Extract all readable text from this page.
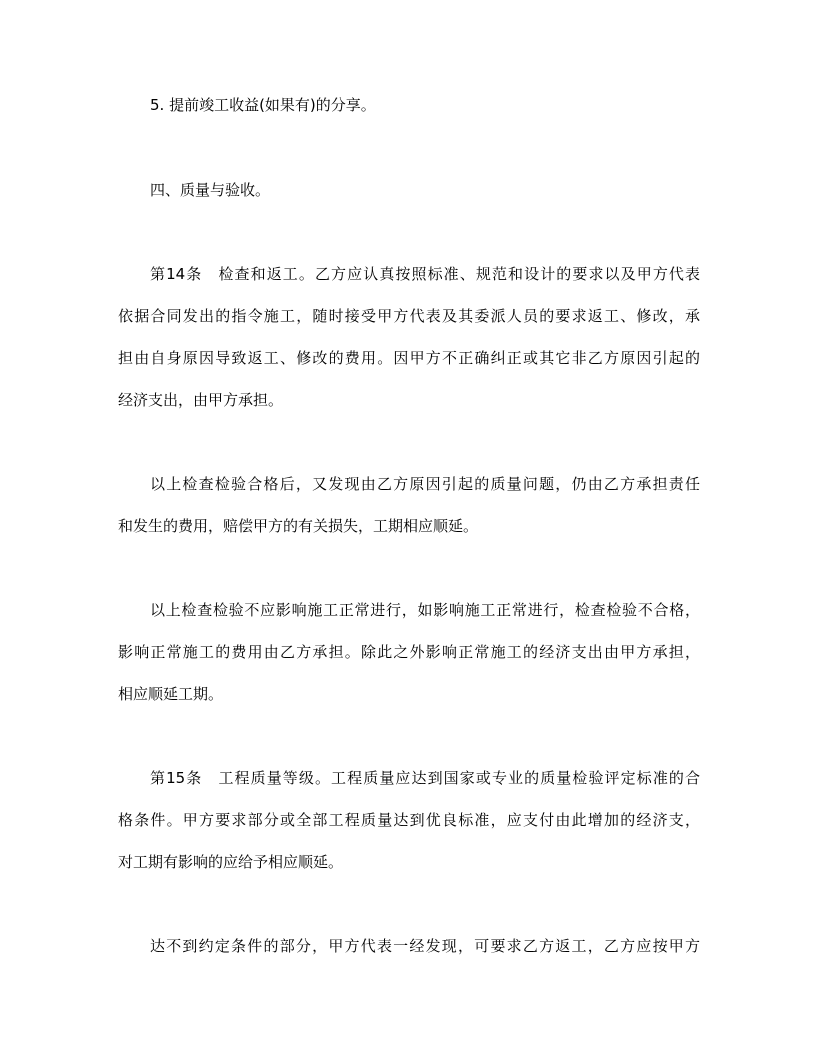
5. 提前竣工收益(如果有)的分享。
四、质量与验收。
第14条　检查和返工。乙方应认真按照标准、规范和设计的要求以及甲方代表
依据合同发出的指令施工，随时接受甲方代表及其委派人员的要求返工、修改，承
担由自身原因导致返工、修改的费用。因甲方不正确纠正或其它非乙方原因引起的
经济支出，由甲方承担。
以上检查检验合格后，又发现由乙方原因引起的质量问题，仍由乙方承担责任
和发生的费用，赔偿甲方的有关损失，工期相应顺延。
以上检查检验不应影响施工正常进行，如影响施工正常进行，检查检验不合格，
影响正常施工的费用由乙方承担。除此之外影响正常施工的经济支出由甲方承担，
相应顺延工期。
第15条　工程质量等级。工程质量应达到国家或专业的质量检验评定标准的合
格条件。甲方要求部分或全部工程质量达到优良标准，应支付由此增加的经济支，
对工期有影响的应给予相应顺延。
达不到约定条件的部分，甲方代表一经发现，可要求乙方返工，乙方应按甲方
